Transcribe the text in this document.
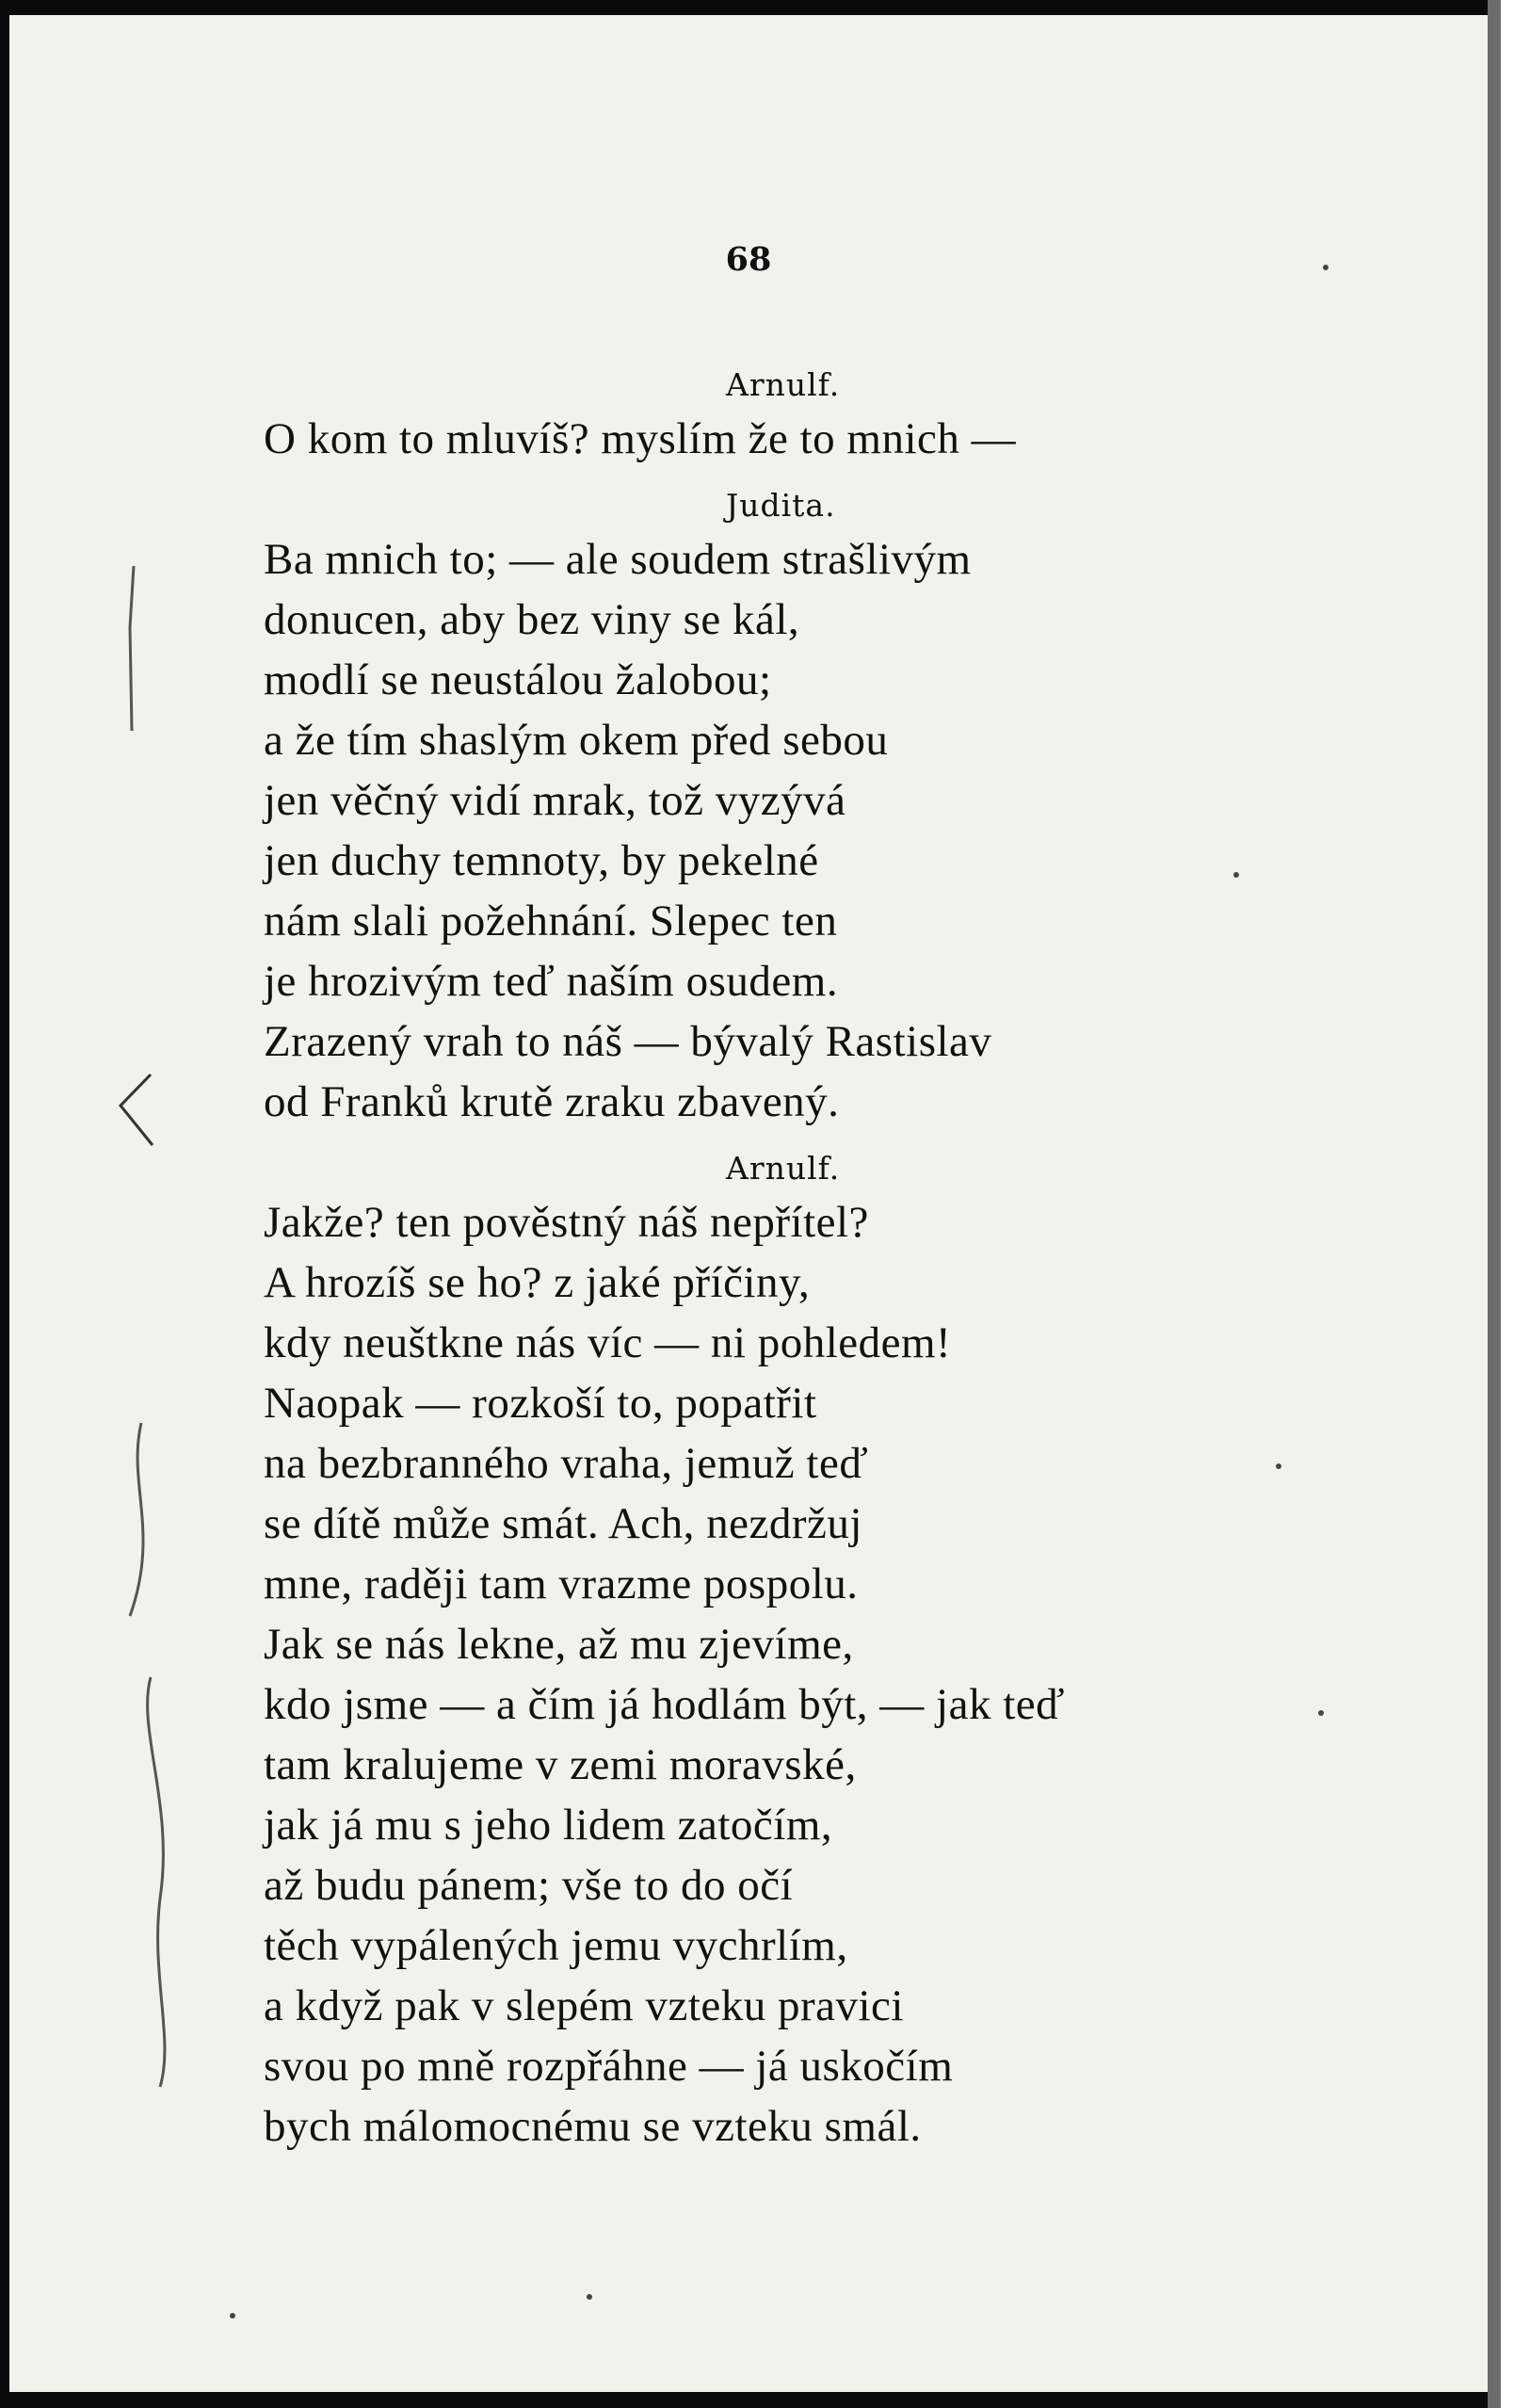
68
Arnulf.
O kom to mluvíš? myslím že to mnich —
Judita.
Ba mnich to; — ale soudem strašlivým
donucen, aby bez viny se kál,
modlí se neustálou žalobou;
a že tím shaslým okem před sebou
jen věčný vidí mrak, tož vyzývá
jen duchy temnoty, by pekelné
nám slali požehnání. Slepec ten
je hrozivým teď naším osudem.
Zrazený vrah to náš — bývalý Rastislav
od Franků krutě zraku zbavený.
Arnulf.
Jakže? ten pověstný náš nepřítel?
A hrozíš se ho? z jaké příčiny,
kdy neuštkne nás víc — ni pohledem!
Naopak — rozkoší to, popatřit
na bezbranného vraha, jemuž teď
se dítě může smát. Ach, nezdržuj
mne, raději tam vrazme pospolu.
Jak se nás lekne, až mu zjevíme,
kdo jsme — a čím já hodlám být, — jak teď
tam kralujeme v zemi moravské,
jak já mu s jeho lidem zatočím,
až budu pánem; vše to do očí
těch vypálených jemu vychrlím,
a když pak v slepém vzteku pravici
svou po mně rozpřáhne — já uskočím
bych málomocnému se vzteku smál.
